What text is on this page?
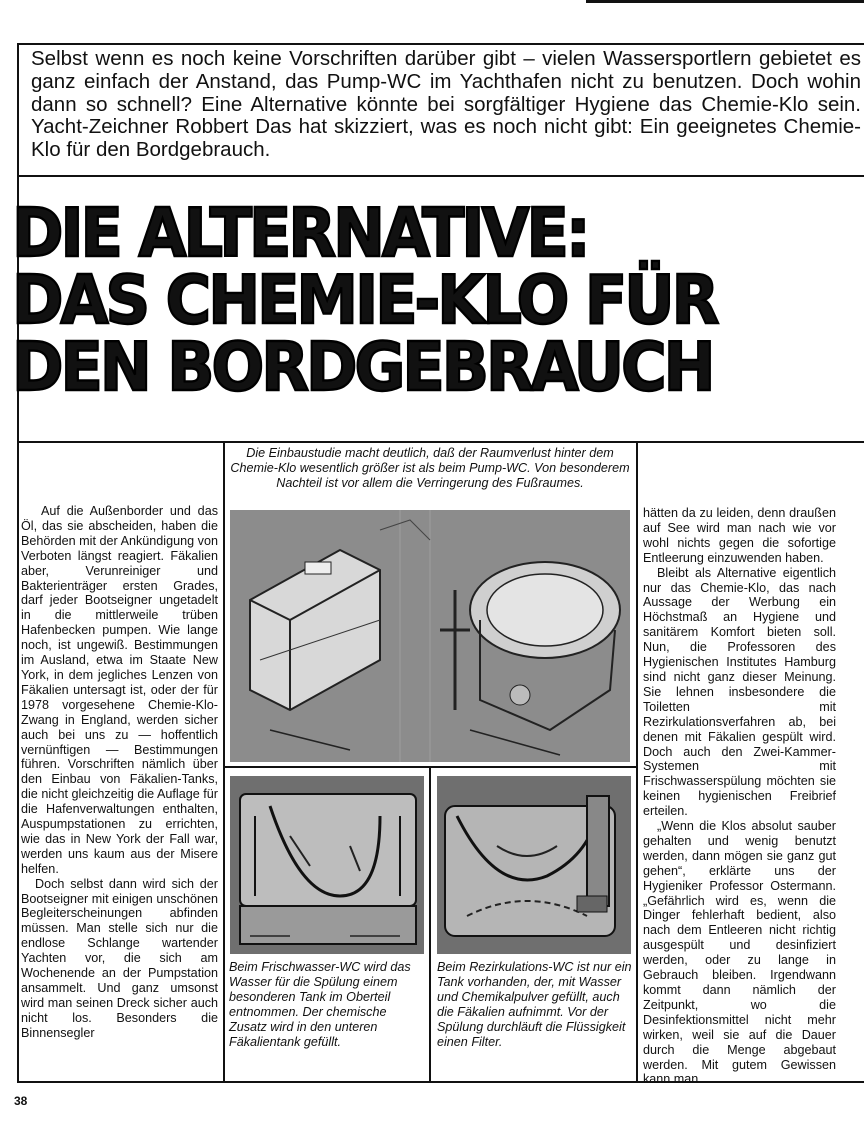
Selbst wenn es noch keine Vorschriften darüber gibt – vielen Wassersportlern gebietet es ganz einfach der Anstand, das Pump-WC im Yachthafen nicht zu benutzen. Doch wohin dann so schnell? Eine Alternative könnte bei sorgfältiger Hygiene das Chemie-Klo sein. Yacht-Zeichner Robbert Das hat skizziert, was es noch nicht gibt: Ein geeignetes Chemie-Klo für den Bordgebrauch.

DIE ALTERNATIVE:
DAS CHEMIE-KLO FÜR
DEN BORDGEBRAUCH

Auf die Außenborder und das Öl, das sie abscheiden, haben die Behörden mit der Ankündigung von Verboten längst reagiert. Fäkalien aber, Verunreiniger und Bakterienträger ersten Grades, darf jeder Bootseigner ungetadelt in die mittlerweile trüben Hafenbecken pumpen. Wie lange noch, ist ungewiß. Bestimmungen im Ausland, etwa im Staate New York, in dem jegliches Lenzen von Fäkalien untersagt ist, oder der für 1978 vorgesehene Chemie-Klo-Zwang in England, werden sicher auch bei uns zu — hoffentlich vernünftigen — Bestimmungen führen. Vorschriften nämlich über den Einbau von Fäkalien-Tanks, die nicht gleichzeitig die Auflage für die Hafenverwaltungen enthalten, Auspumpstationen zu errichten, wie das in New York der Fall war, werden uns kaum aus der Misere helfen.

Doch selbst dann wird sich der Bootseigner mit einigen unschönen Begleiterscheinungen abfinden müssen. Man stelle sich nur die endlose Schlange wartender Yachten vor, die sich am Wochenende an der Pumpstation ansammelt. Und ganz umsonst wird man seinen Dreck sicher auch nicht los. Besonders die Binnensegler

Die Einbaustudie macht deutlich, daß der Raumverlust hinter dem Chemie-Klo wesentlich größer ist als beim Pump-WC. Von besonderem Nachteil ist vor allem die Verringerung des Fußraumes.
Beim Frischwasser-WC wird das Wasser für die Spülung einem besonderen Tank im Oberteil entnommen. Der chemische Zusatz wird in den unteren Fäkalientank gefüllt.
Beim Rezirkulations-WC ist nur ein Tank vorhanden, der, mit Wasser und Chemikalpulver gefüllt, auch die Fäkalien aufnimmt. Vor der Spülung durchläuft die Flüssigkeit einen Filter.

hätten da zu leiden, denn draußen auf See wird man nach wie vor wohl nichts gegen die sofortige Entleerung einzuwenden haben.

Bleibt als Alternative eigentlich nur das Chemie-Klo, das nach Aussage der Werbung ein Höchstmaß an Hygiene und sanitärem Komfort bieten soll. Nun, die Professoren des Hygienischen Institutes Hamburg sind nicht ganz dieser Meinung. Sie lehnen insbesondere die Toiletten mit Rezirkulationsverfahren ab, bei denen mit Fäkalien gespült wird. Doch auch den Zwei-Kammer-Systemen mit Frischwasserspülung möchten sie keinen hygienischen Freibrief erteilen.

„Wenn die Klos absolut sauber gehalten und wenig benutzt werden, dann mögen sie ganz gut gehen“, erklärte uns der Hygieniker Professor Ostermann. „Gefährlich wird es, wenn die Dinger fehlerhaft bedient, also nach dem Entleeren nicht richtig ausgespült und desinfiziert werden, oder zu lange in Gebrauch bleiben. Irgendwann kommt dann nämlich der Zeitpunkt, wo die Desinfektionsmittel nicht mehr wirken, weil sie auf die Dauer durch die Menge abgebaut werden. Mit gutem Gewissen kann man

38
